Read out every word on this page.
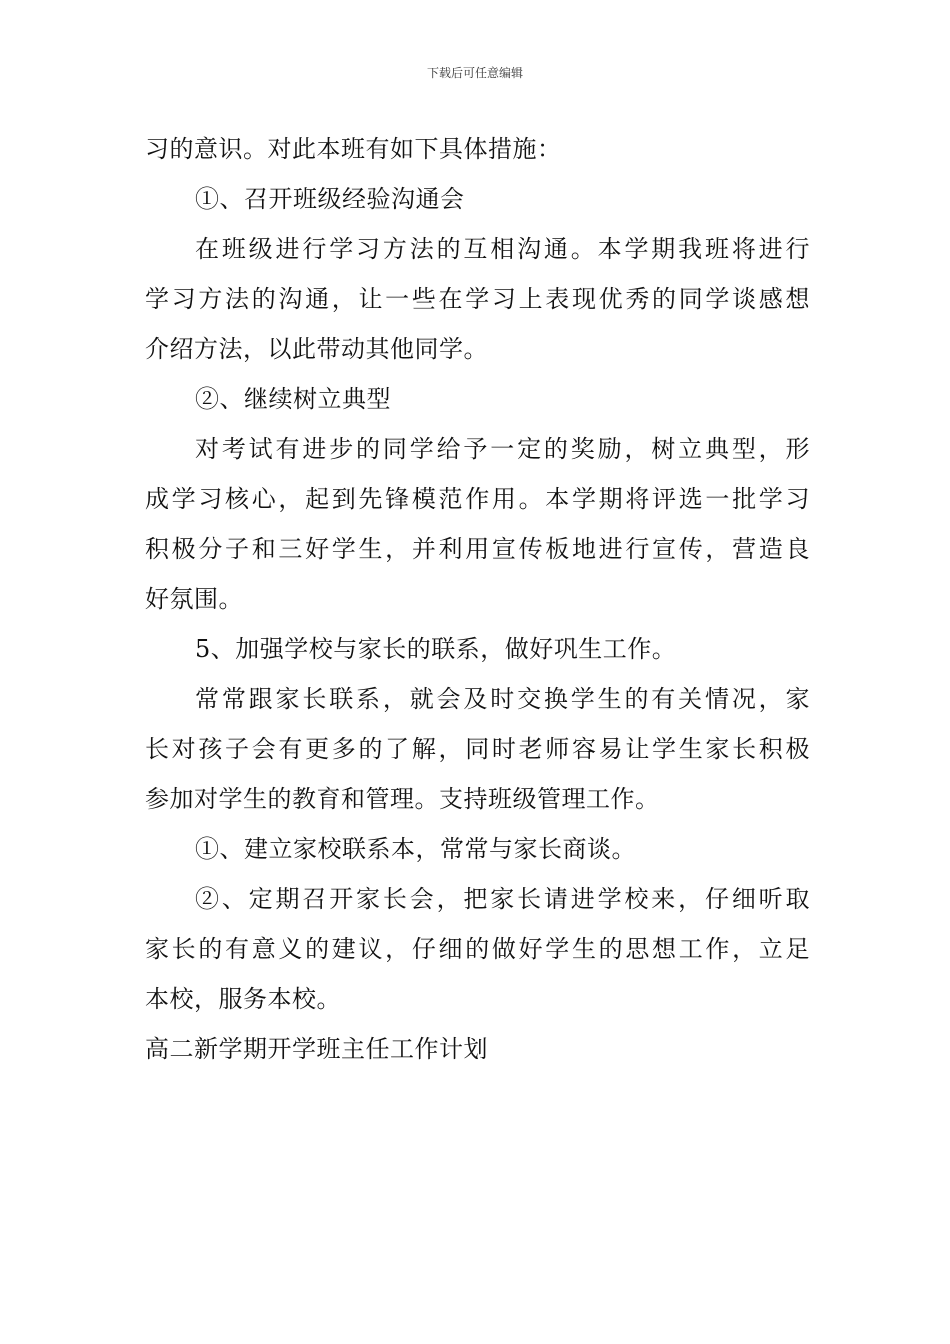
下载后可任意编辑
习的意识。对此本班有如下具体措施：
①、召开班级经验沟通会
在班级进行学习方法的互相沟通。本学期我班将进行
学习方法的沟通，让一些在学习上表现优秀的同学谈感想
介绍方法，以此带动其他同学。
②、继续树立典型
对考试有进步的同学给予一定的奖励，树立典型，形
成学习核心，起到先锋模范作用。本学期将评选一批学习
积极分子和三好学生，并利用宣传板地进行宣传，营造良
好氛围。
5、加强学校与家长的联系，做好巩生工作。
常常跟家长联系，就会及时交换学生的有关情况，家
长对孩子会有更多的了解，同时老师容易让学生家长积极
参加对学生的教育和管理。支持班级管理工作。
①、建立家校联系本，常常与家长商谈。
②、定期召开家长会，把家长请进学校来，仔细听取
家长的有意义的建议，仔细的做好学生的思想工作，立足
本校，服务本校。
高二新学期开学班主任工作计划
